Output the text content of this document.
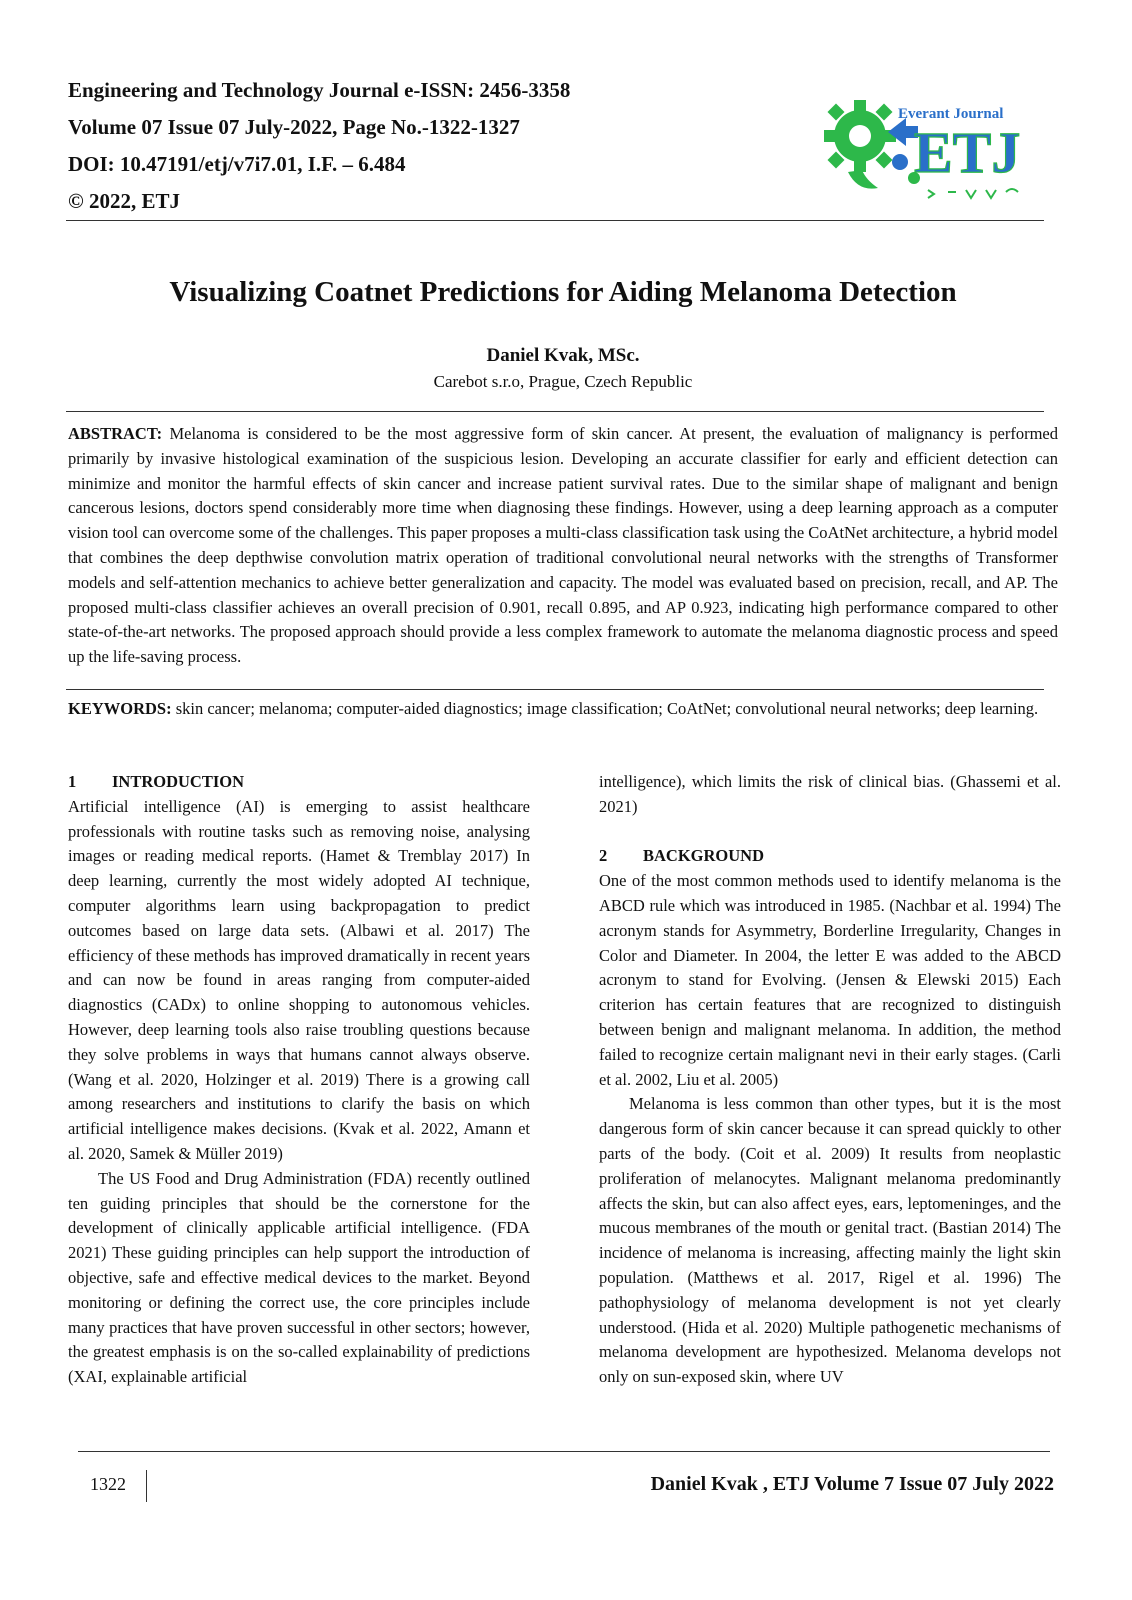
Engineering and Technology Journal e-ISSN: 2456-3358
Volume 07 Issue 07 July-2022, Page No.-1322-1327
DOI: 10.47191/etj/v7i7.01, I.F. – 6.484
© 2022, ETJ
Everant Journal
ETJ
Visualizing Coatnet Predictions for Aiding Melanoma Detection
Daniel Kvak, MSc.
Carebot s.r.o, Prague, Czech Republic
ABSTRACT: Melanoma is considered to be the most aggressive form of skin cancer. At present, the evaluation of malignancy is performed primarily by invasive histological examination of the suspicious lesion. Developing an accurate classifier for early and efficient detection can minimize and monitor the harmful effects of skin cancer and increase patient survival rates. Due to the similar shape of malignant and benign cancerous lesions, doctors spend considerably more time when diagnosing these findings. However, using a deep learning approach as a computer vision tool can overcome some of the challenges. This paper proposes a multi-class classification task using the CoAtNet architecture, a hybrid model that combines the deep depthwise convolution matrix operation of traditional convolutional neural networks with the strengths of Transformer models and self-attention mechanics to achieve better generalization and capacity. The model was evaluated based on precision, recall, and AP. The proposed multi-class classifier achieves an overall precision of 0.901, recall 0.895, and AP 0.923, indicating high performance compared to other state-of-the-art networks. The proposed approach should provide a less complex framework to automate the melanoma diagnostic process and speed up the life-saving process.
KEYWORDS: skin cancer; melanoma; computer-aided diagnostics; image classification; CoAtNet; convolutional neural networks; deep learning.

1 INTRODUCTION

Artificial intelligence (AI) is emerging to assist healthcare professionals with routine tasks such as removing noise, analysing images or reading medical reports. (Hamet & Tremblay 2017) In deep learning, currently the most widely adopted AI technique, computer algorithms learn using backpropagation to predict outcomes based on large data sets. (Albawi et al. 2017) The efficiency of these methods has improved dramatically in recent years and can now be found in areas ranging from computer-aided diagnostics (CADx) to online shopping to autonomous vehicles. However, deep learning tools also raise troubling questions because they solve problems in ways that humans cannot always observe. (Wang et al. 2020, Holzinger et al. 2019) There is a growing call among researchers and institutions to clarify the basis on which artificial intelligence makes decisions. (Kvak et al. 2022, Amann et al. 2020, Samek & Müller 2019)

The US Food and Drug Administration (FDA) recently outlined ten guiding principles that should be the cornerstone for the development of clinically applicable artificial intelligence. (FDA 2021) These guiding principles can help support the introduction of objective, safe and effective medical devices to the market. Beyond monitoring or defining the correct use, the core principles include many practices that have proven successful in other sectors; however, the greatest emphasis is on the so-called explainability of predictions (XAI, explainable artificial

intelligence), which limits the risk of clinical bias. (Ghassemi et al. 2021)

2 BACKGROUND

One of the most common methods used to identify melanoma is the ABCD rule which was introduced in 1985. (Nachbar et al. 1994) The acronym stands for Asymmetry, Borderline Irregularity, Changes in Color and Diameter. In 2004, the letter E was added to the ABCD acronym to stand for Evolving. (Jensen & Elewski 2015) Each criterion has certain features that are recognized to distinguish between benign and malignant melanoma. In addition, the method failed to recognize certain malignant nevi in their early stages. (Carli et al. 2002, Liu et al. 2005)

Melanoma is less common than other types, but it is the most dangerous form of skin cancer because it can spread quickly to other parts of the body. (Coit et al. 2009) It results from neoplastic proliferation of melanocytes. Malignant melanoma predominantly affects the skin, but can also affect eyes, ears, leptomeninges, and the mucous membranes of the mouth or genital tract. (Bastian 2014) The incidence of melanoma is increasing, affecting mainly the light skin population. (Matthews et al. 2017, Rigel et al. 1996) The pathophysiology of melanoma development is not yet clearly understood. (Hida et al. 2020) Multiple pathogenetic mechanisms of melanoma development are hypothesized. Melanoma develops not only on sun-exposed skin, where UV

1322	Daniel Kvak , ETJ Volume 7 Issue 07 July 2022
